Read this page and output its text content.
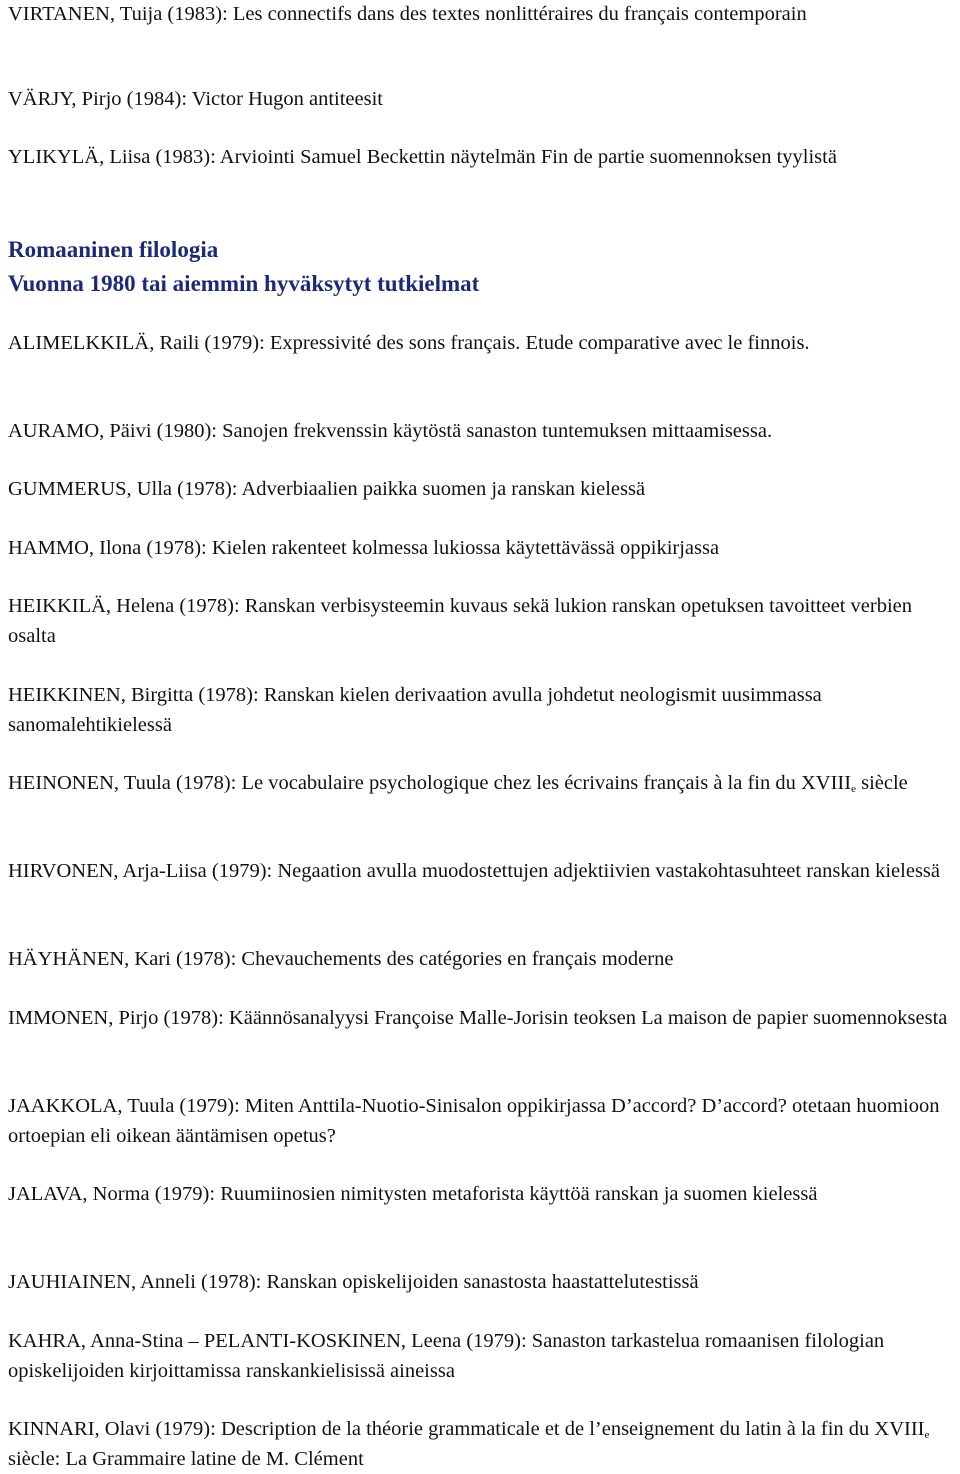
VIRTANEN, Tuija (1983): Les connectifs dans des textes nonlittéraires du français contemporain

VÄRJY, Pirjo (1984): Victor Hugon antiteesit

YLIKYLÄ, Liisa (1983): Arviointi Samuel Beckettin näytelmän Fin de partie suomennoksen tyylistä

Romaaninen filologia
Vuonna 1980 tai aiemmin hyväksytyt tutkielmat

ALIMELKKILÄ, Raili (1979): Expressivité des sons français. Etude comparative avec le finnois.

AURAMO, Päivi (1980): Sanojen frekvenssin käytöstä sanaston tuntemuksen mittaamisessa.

GUMMERUS, Ulla (1978): Adverbiaalien paikka suomen ja ranskan kielessä

HAMMO, Ilona (1978): Kielen rakenteet kolmessa lukiossa käytettävässä oppikirjassa

HEIKKILÄ, Helena (1978): Ranskan verbisysteemin kuvaus sekä lukion ranskan opetuksen tavoitteet verbien osalta

HEIKKINEN, Birgitta (1978): Ranskan kielen derivaation avulla johdetut neologismit uusimmassa sanomalehtikielessä

HEINONEN, Tuula (1978): Le vocabulaire psychologique chez les écrivains français à la fin du XVIIIe siècle

HIRVONEN, Arja-Liisa (1979): Negaation avulla muodostettujen adjektiivien vastakohtasuhteet ranskan kielessä

HÄYHÄNEN, Kari (1978): Chevauchements des catégories en français moderne

IMMONEN, Pirjo (1978): Käännösanalyysi Françoise Malle-Jorisin teoksen La maison de papier suomennoksesta

JAAKKOLA, Tuula (1979): Miten Anttila-Nuotio-Sinisalon oppikirjassa D’accord? D’accord? otetaan huomioon ortoepian eli oikean ääntämisen opetus?

JALAVA, Norma (1979): Ruumiinosien nimitysten metaforista käyttöä ranskan ja suomen kielessä

JAUHIAINEN, Anneli (1978): Ranskan opiskelijoiden sanastosta haastattelutestissä

KAHRA, Anna-Stina – PELANTI-KOSKINEN, Leena (1979): Sanaston tarkastelua romaanisen filologian opiskelijoiden kirjoittamissa ranskankielisissä aineissa

KINNARI, Olavi (1979): Description de la théorie grammaticale et de l’enseignement du latin à la fin du XVIIIe siècle: La Grammaire latine de M. Clément
